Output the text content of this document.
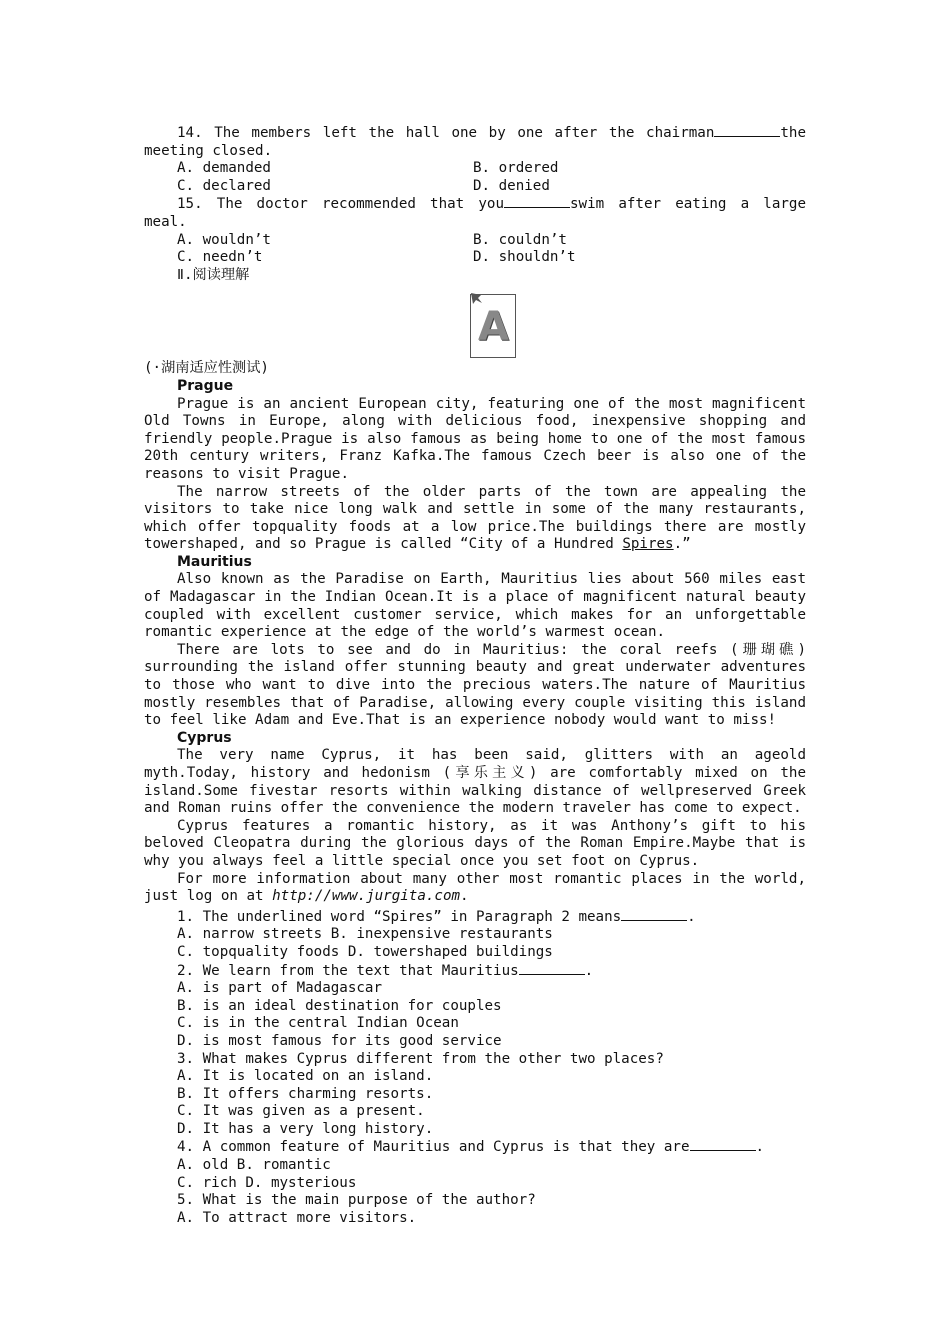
14. The members left the hall one by one after the chairman	the meeting closed.

A. demanded	B. ordered
C. declared	D. denied

15. The doctor recommended that you	swim after eating a large meal.

A. wouldn’t	B. couldn’t
C. needn’t	D. shouldn’t

Ⅱ.阅读理解

A

(·湖南适应性测试)

Prague

Prague is an ancient European city, featuring one of the most magnificent Old Towns in Europe, along with delicious food, inexpensive shopping and friendly people.Prague is also famous as being home to one of the most famous 20th century writers, Franz Kafka.The famous Czech beer is also one of the reasons to visit Prague.

The narrow streets of the older parts of the town are appealing the visitors to take nice long walk and settle in some of the many restaurants, which offer topquality foods at a low price.The buildings there are mostly towershaped, and so Prague is called “City of a Hundred Spires.”

Mauritius

Also known as the Paradise on Earth, Mauritius lies about 560 miles east of Madagascar in the Indian Ocean.It is a place of magnificent natural beauty coupled with excellent customer service, which makes for an unforgettable romantic experience at the edge of the world’s warmest ocean.

There are lots to see and do in Mauritius: the coral reefs (珊瑚礁) surrounding the island offer stunning beauty and great underwater adventures to those who want to dive into the precious waters.The nature of Mauritius mostly resembles that of Paradise, allowing every couple visiting this island to feel like Adam and Eve.That is an experience nobody would want to miss!

Cyprus

The very name Cyprus, it has been said, glitters with an ageold myth.Today, history and hedonism (享乐主义) are comfortably mixed on the island.Some fivestar resorts within walking distance of wellpreserved Greek and Roman ruins offer the convenience the modern traveler has come to expect.

Cyprus features a romantic history, as it was Anthony’s gift to his beloved Cleopatra during the glorious days of the Roman Empire.Maybe that is why you always feel a little special once you set foot on Cyprus.

For more information about many other most romantic places in the world, just log on at http://www.jurgita.com.

1. The underlined word “Spires” in Paragraph 2 means	.

A. narrow streets B. inexpensive restaurants

C. topquality foods D. towershaped buildings

2. We learn from the text that Mauritius	.

A. is part of Madagascar

B. is an ideal destination for couples

C. is in the central Indian Ocean

D. is most famous for its good service

3. What makes Cyprus different from the other two places?

A. It is located on an island.

B. It offers charming resorts.

C. It was given as a present.

D. It has a very long history.

4. A common feature of Mauritius and Cyprus is that they are	.

A. old B. romantic

C. rich D. mysterious

5. What is the main purpose of the author?

A. To attract more visitors.
